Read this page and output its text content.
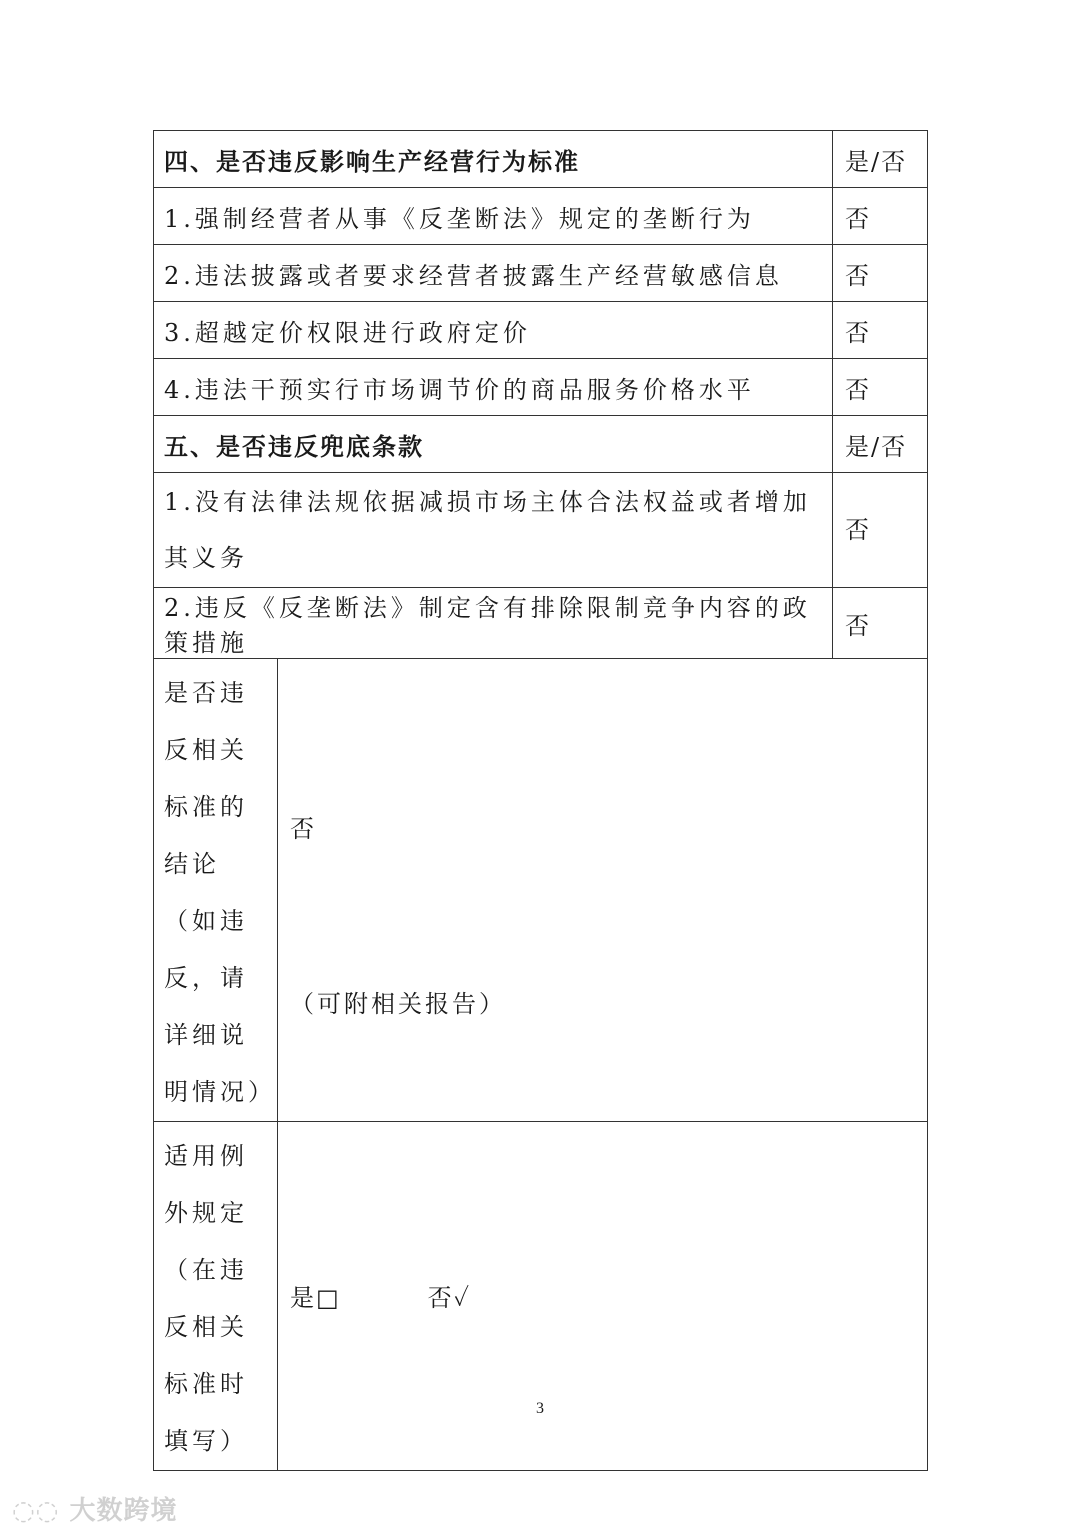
四、是否违反影响生产经营行为标准		是/否
1.强制经营者从事《反垄断法》规定的垄断行为		否
2.违法披露或者要求经营者披露生产经营敏感信息		否
3.超越定价权限进行政府定价		否
4.违法干预实行市场调节价的商品服务价格水平		否
五、是否违反兜底条款		是/否
1.没有法律法规依据减损市场主体合法权益或者增加其义务		否
2.违反《反垄断法》制定含有排除限制竞争内容的政策措施		否
是否违反相关标准的结论（如违反，请详细说明情况）	否
（可附相关报告）	

适用例外规定（在违反相关标准时填写）	是□ 否✓	
3
◌◌ 大数跨境
